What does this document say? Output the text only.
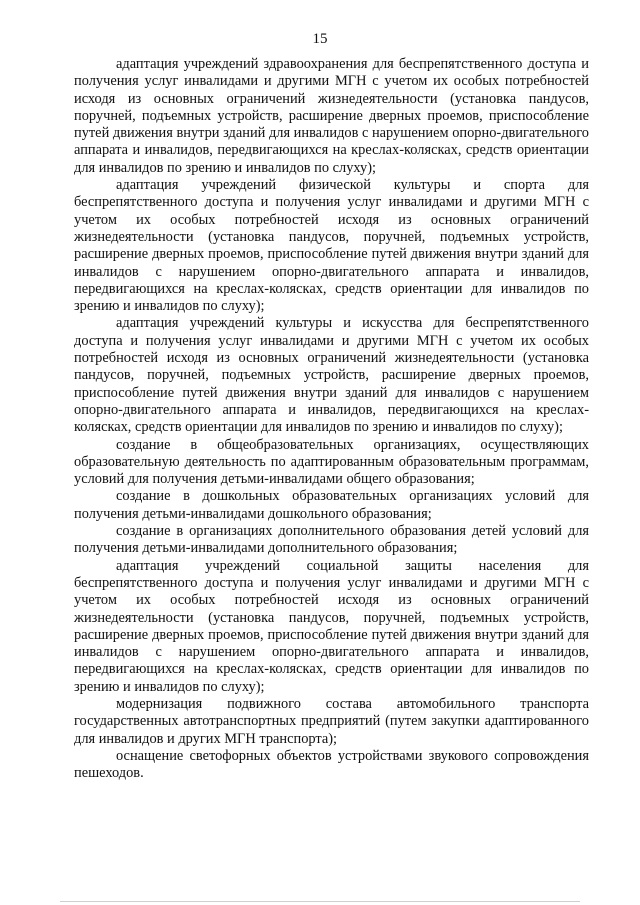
15

адаптация учреждений здравоохранения для беспрепятственного доступа и получения услуг инвалидами и другими МГН с учетом их особых потребностей исходя из основных ограничений жизнедеятельности (установка пандусов, поручней, подъемных устройств, расширение дверных проемов, приспособление путей движения внутри зданий для инвалидов с нарушением опорно-двигательного аппарата и инвалидов, передвигающихся на креслах-колясках, средств ориентации для инвалидов по зрению и инвалидов по слуху);

адаптация учреждений физической культуры и спорта для беспрепятственного доступа и получения услуг инвалидами и другими МГН с учетом их особых потребностей исходя из основных ограничений жизнедеятельности (установка пандусов, поручней, подъемных устройств, расширение дверных проемов, приспособление путей движения внутри зданий для инвалидов с нарушением опорно-двигательного аппарата и инвалидов, передвигающихся на креслах-колясках, средств ориентации для инвалидов по зрению и инвалидов по слуху);

адаптация учреждений культуры и искусства для беспрепятственного доступа и получения услуг инвалидами и другими МГН с учетом их особых потребностей исходя из основных ограничений жизнедеятельности (установка пандусов, поручней, подъемных устройств, расширение дверных проемов, приспособление путей движения внутри зданий для инвалидов с нарушением опорно-двигательного аппарата и инвалидов, передвигающихся на креслах-колясках, средств ориентации для инвалидов по зрению и инвалидов по слуху);

создание в общеобразовательных организациях, осуществляющих образовательную деятельность по адаптированным образовательным программам, условий для получения детьми-инвалидами общего образования;

создание в дошкольных образовательных организациях условий для получения детьми-инвалидами дошкольного образования;

создание в организациях дополнительного образования детей условий для получения детьми-инвалидами дополнительного образования;

адаптация учреждений социальной защиты населения для беспрепятственного доступа и получения услуг инвалидами и другими МГН с учетом их особых потребностей исходя из основных ограничений жизнедеятельности (установка пандусов, поручней, подъемных устройств, расширение дверных проемов, приспособление путей движения внутри зданий для инвалидов с нарушением опорно-двигательного аппарата и инвалидов, передвигающихся на креслах-колясках, средств ориентации для инвалидов по зрению и инвалидов по слуху);

модернизация подвижного состава автомобильного транспорта государственных автотранспортных предприятий (путем закупки адаптированного для инвалидов и других МГН транспорта);

оснащение светофорных объектов устройствами звукового сопровождения пешеходов.
